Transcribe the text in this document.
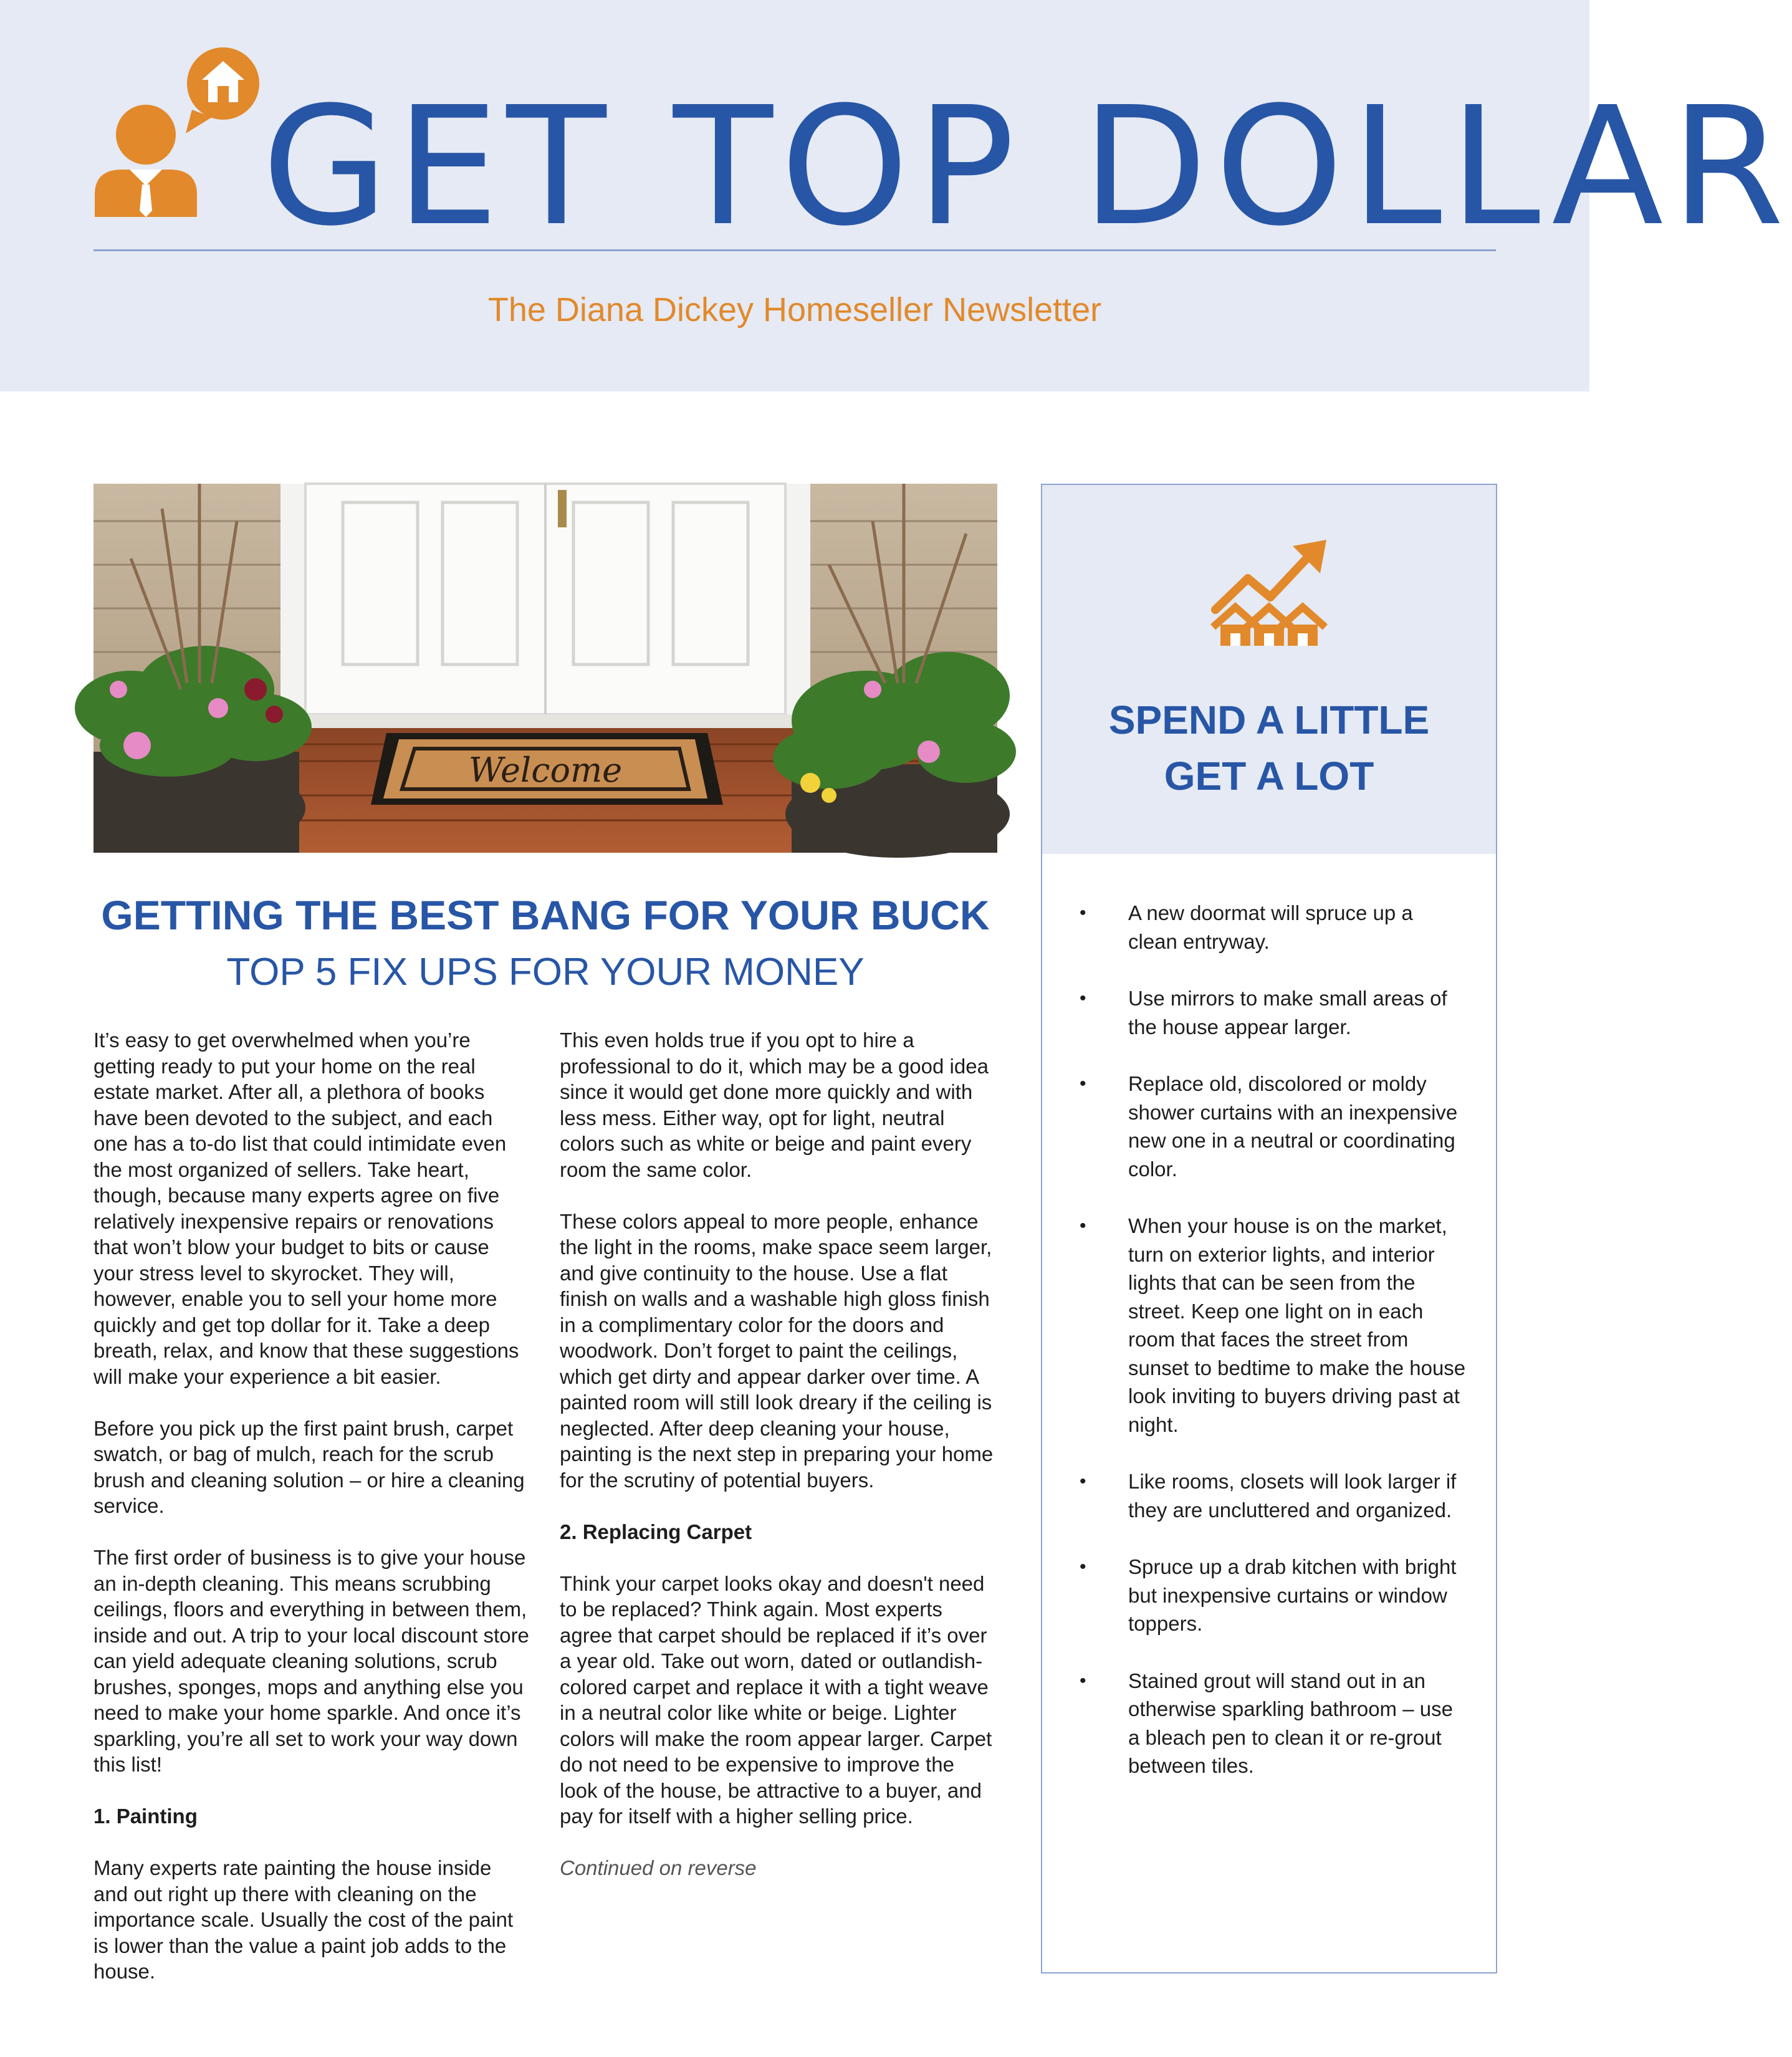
GET TOP DOLLAR
The Diana Dickey Homeseller Newsletter
Welcome
GETTING THE BEST BANG FOR YOUR BUCK
TOP 5 FIX UPS FOR YOUR MONEY

It’s easy to get overwhelmed when you’re getting ready to put your home on the real estate market. After all, a plethora of books have been devoted to the subject, and each one has a to-do list that could intimidate even the most organized of sellers. Take heart, though, because many experts agree on five relatively inexpensive repairs or renovations that won’t blow your budget to bits or cause your stress level to skyrocket. They will, however, enable you to sell your home more quickly and get top dollar for it. Take a deep breath, relax, and know that these suggestions will make your experience a bit easier.

Before you pick up the first paint brush, carpet swatch, or bag of mulch, reach for the scrub brush and cleaning solution – or hire a cleaning service.

The first order of business is to give your house an in-depth cleaning. This means scrubbing ceilings, floors and everything in between them, inside and out. A trip to your local discount store can yield adequate cleaning solutions, scrub brushes, sponges, mops and anything else you need to make your home sparkle. And once it’s sparkling, you’re all set to work your way down this list!

1. Painting

Many experts rate painting the house inside and out right up there with cleaning on the importance scale. Usually the cost of the paint is lower than the value a paint job adds to the house.

This even holds true if you opt to hire a professional to do it, which may be a good idea since it would get done more quickly and with less mess. Either way, opt for light, neutral colors such as white or beige and paint every room the same color.

These colors appeal to more people, enhance the light in the rooms, make space seem larger, and give continuity to the house. Use a flat finish on walls and a washable high gloss finish in a complimentary color for the doors and woodwork. Don’t forget to paint the ceilings, which get dirty and appear darker over time. A painted room will still look dreary if the ceiling is neglected. After deep cleaning your house, painting is the next step in preparing your home for the scrutiny of potential buyers.

2. Replacing Carpet

Think your carpet looks okay and doesn't need to be replaced? Think again. Most experts agree that carpet should be replaced if it’s over a year old. Take out worn, dated or outlandish-colored carpet and replace it with a tight weave in a neutral color like white or beige. Lighter colors will make the room appear larger. Carpet do not need to be expensive to improve the look of the house, be attractive to a buyer, and pay for itself with a higher selling price.

Continued on reverse

SPEND A LITTLE
GET A LOT
• A new doormat will spruce up a clean entryway.
• Use mirrors to make small areas of the house appear larger.
• Replace old, discolored or moldy shower curtains with an inexpensive new one in a neutral or coordinating color.
• When your house is on the market, turn on exterior lights, and interior lights that can be seen from the street. Keep one light on in each room that faces the street from sunset to bedtime to make the house look inviting to buyers driving past at night.
• Like rooms, closets will look larger if they are uncluttered and organized.
• Spruce up a drab kitchen with bright but inexpensive curtains or window toppers.
• Stained grout will stand out in an otherwise sparkling bathroom – use a bleach pen to clean it or re-grout between tiles.
